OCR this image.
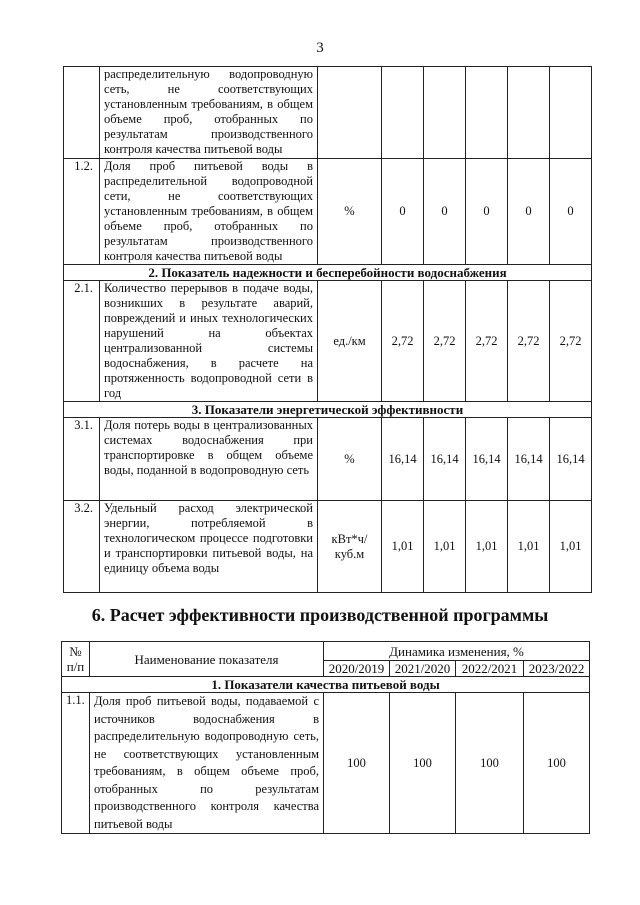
3
	распределительную водопроводную сеть, не соответствующих установленным требованиям, в общем объеме проб, отобранных по результатам производственного контроля качества питьевой воды						
1.2.	Доля проб питьевой воды в распределительной водопроводной сети, не соответствующих установленным требованиям, в общем объеме проб, отобранных по результатам производственного контроля качества питьевой воды	%	0	0	0	0	0
2. Показатель надежности и бесперебойности водоснабжения							
2.1.	Количество перерывов в подаче воды, возникших в результате аварий, повреждений и иных технологических нарушений на объектах централизованной системы водоснабжения, в расчете на протяженность водопроводной сети в год	ед./км	2,72	2,72	2,72	2,72	2,72
3. Показатели энергетической эффективности							
3.1.	Доля потерь воды в централизованных системах водоснабжения при транспортировке в общем объеме воды, поданной в водопроводную сеть	%	16,14	16,14	16,14	16,14	16,14
3.2.	Удельный расход электрической энергии, потребляемой в технологическом процессе подготовки и транспортировки питьевой воды, на единицу объема воды	кВт*ч/ куб.м	1,01	1,01	1,01	1,01	1,01
6. Расчет эффективности производственной программы
№ п/п	Наименование показателя	Динамика изменения, %			
		2020/2019	2021/2020	2022/2021	2023/2022
1. Показатели качества питьевой воды					
1.1.	Доля проб питьевой воды, подаваемой с источников водоснабжения в распределительную водопроводную сеть, не соответствующих установленным требованиям, в общем объеме проб, отобранных по результатам производственного контроля качества питьевой воды	100	100	100	100
